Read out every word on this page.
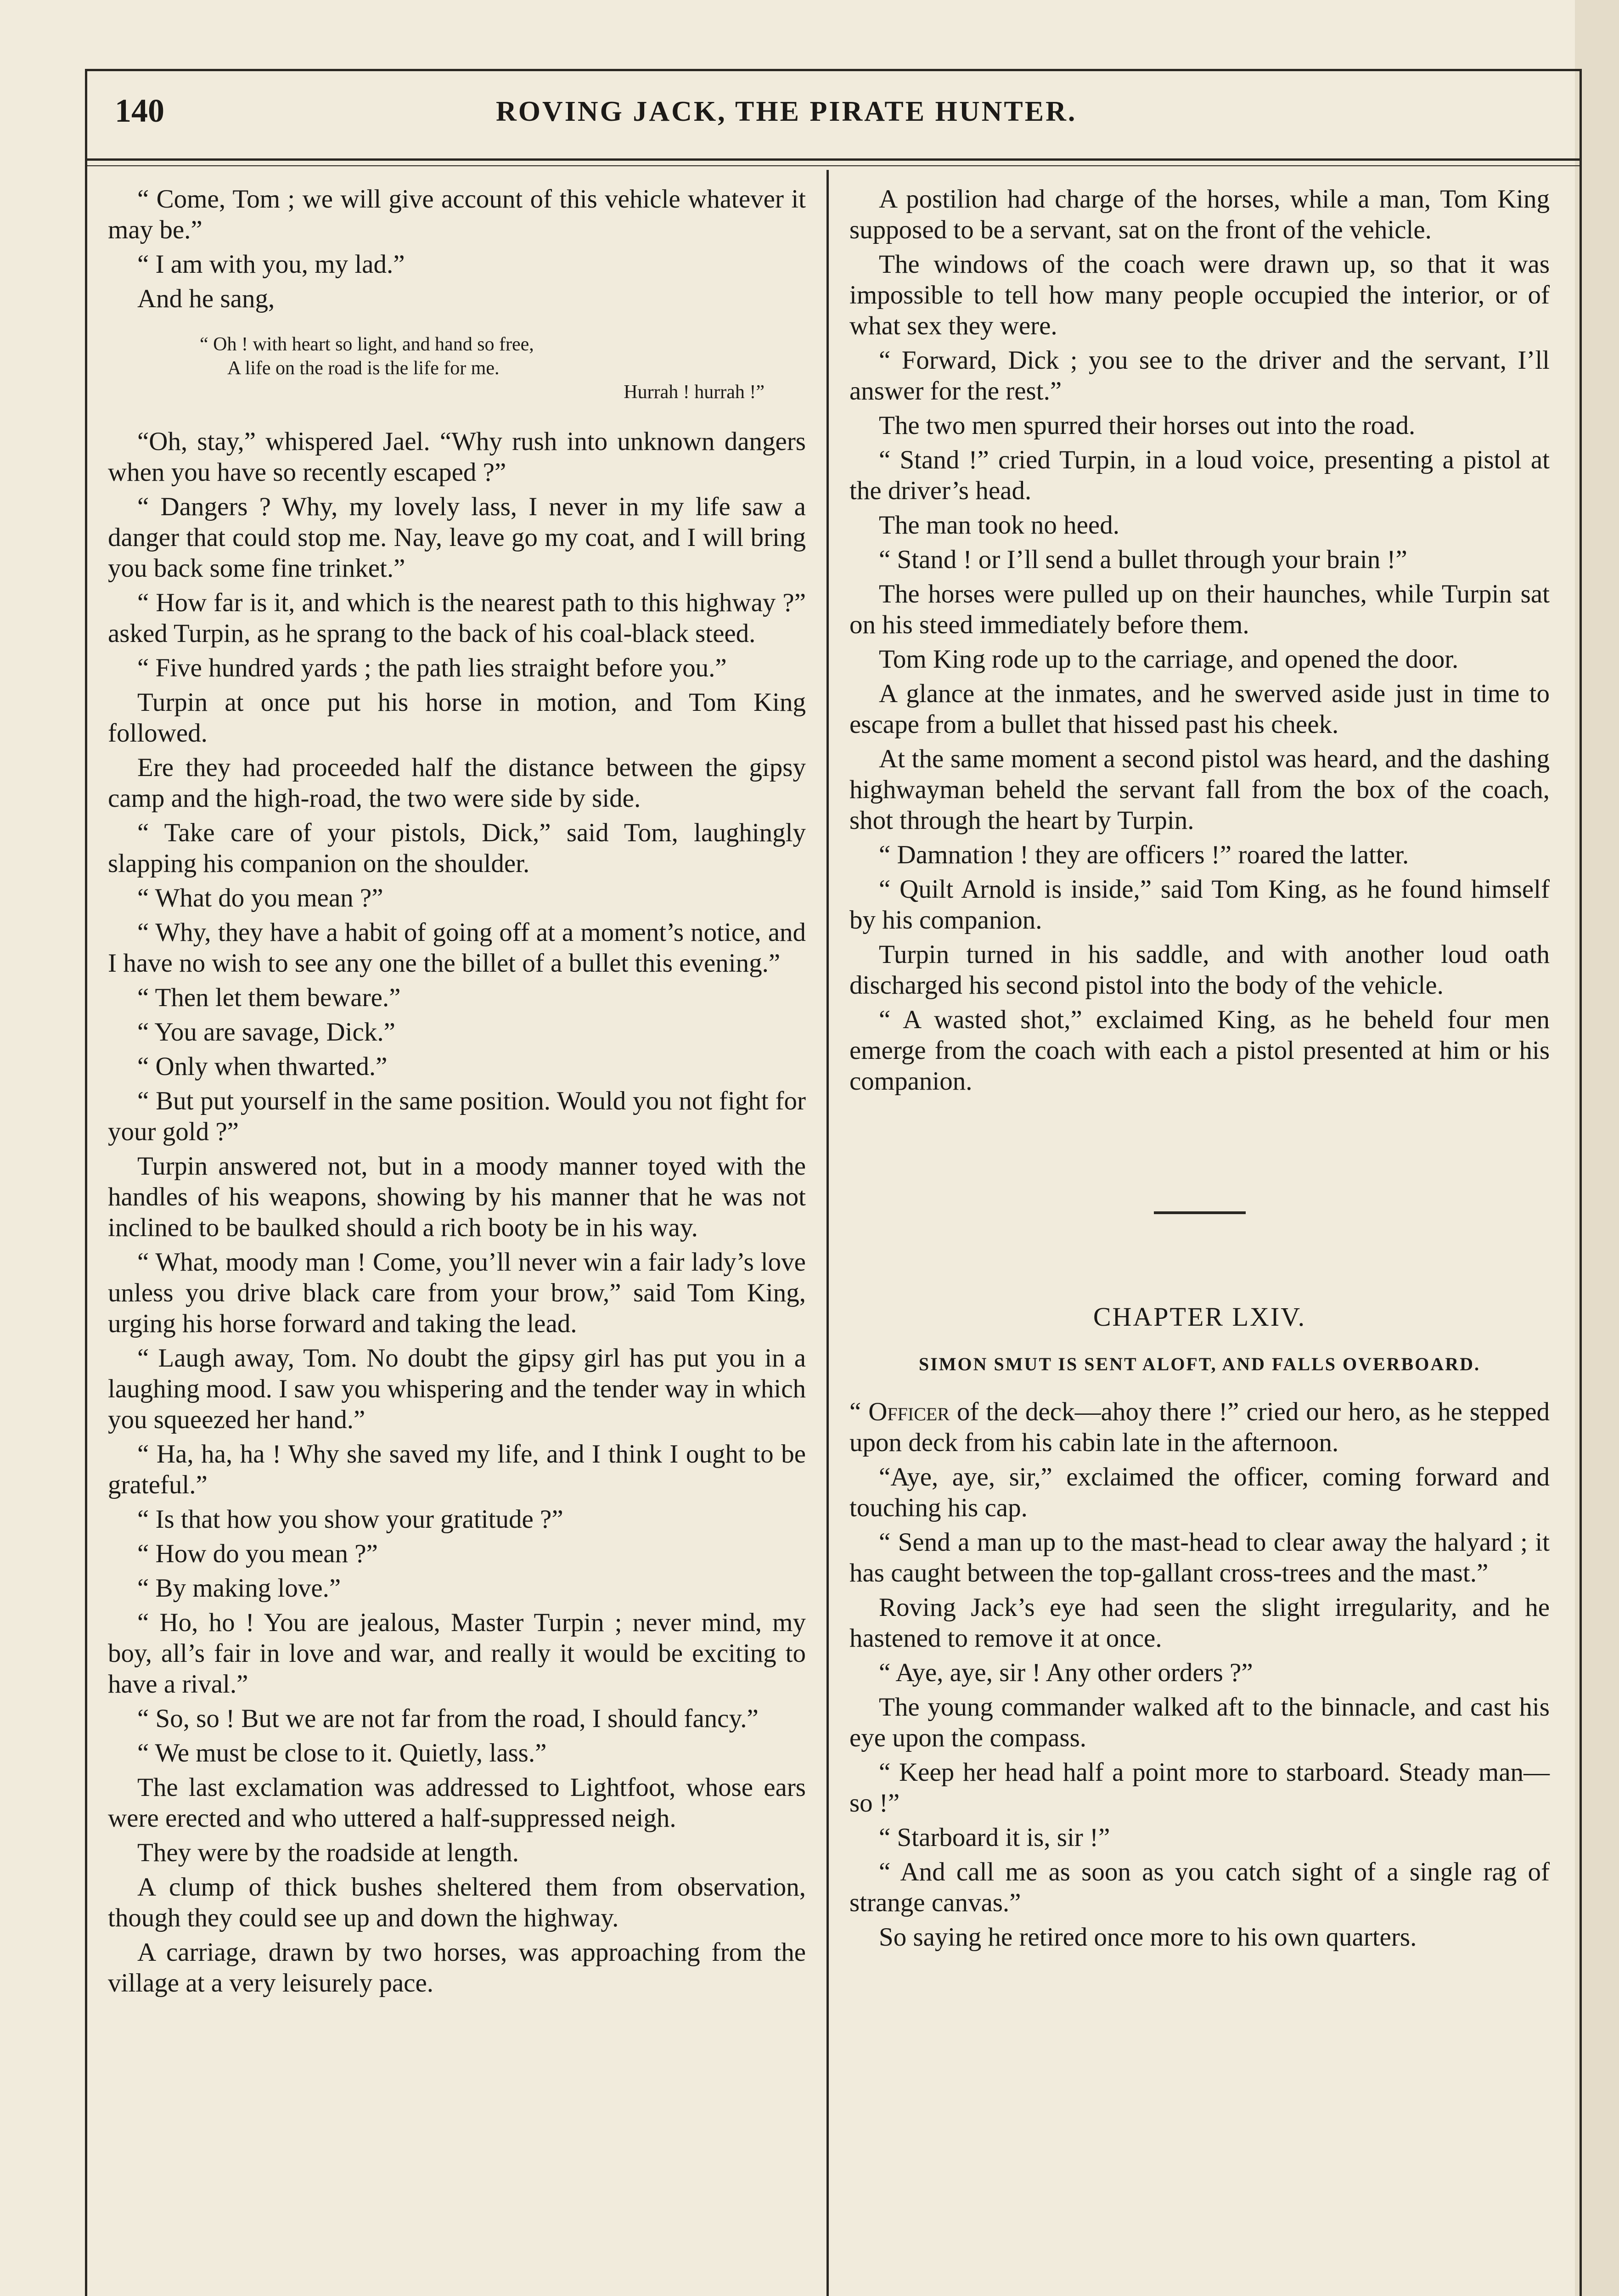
140	ROVING JACK, THE PIRATE HUNTER.

“ Come, Tom ; we will give account of this vehicle whatever it may be.”

“ I am with you, my lad.”

And he sang,

“ Oh ! with heart so light, and hand so free,
A life on the road is the life for me.
Hurrah ! hurrah !”

“Oh, stay,” whispered Jael. “Why rush into unknown dangers when you have so recently escaped ?”

“ Dangers ? Why, my lovely lass, I never in my life saw a danger that could stop me. Nay, leave go my coat, and I will bring you back some fine trinket.”

“ How far is it, and which is the nearest path to this highway ?” asked Turpin, as he sprang to the back of his coal-black steed.

“ Five hundred yards ; the path lies straight before you.”

Turpin at once put his horse in motion, and Tom King followed.

Ere they had proceeded half the distance between the gipsy camp and the high-road, the two were side by side.

“ Take care of your pistols, Dick,” said Tom, laughingly slapping his companion on the shoulder.

“ What do you mean ?”

“ Why, they have a habit of going off at a moment’s notice, and I have no wish to see any one the billet of a bullet this evening.”

“ Then let them beware.”

“ You are savage, Dick.”

“ Only when thwarted.”

“ But put yourself in the same position. Would you not fight for your gold ?”

Turpin answered not, but in a moody manner toyed with the handles of his weapons, showing by his manner that he was not inclined to be baulked should a rich booty be in his way.

“ What, moody man ! Come, you’ll never win a fair lady’s love unless you drive black care from your brow,” said Tom King, urging his horse forward and taking the lead.

“ Laugh away, Tom. No doubt the gipsy girl has put you in a laughing mood. I saw you whispering and the tender way in which you squeezed her hand.”

“ Ha, ha, ha ! Why she saved my life, and I think I ought to be grateful.”

“ Is that how you show your gratitude ?”

“ How do you mean ?”

“ By making love.”

“ Ho, ho ! You are jealous, Master Turpin ; never mind, my boy, all’s fair in love and war, and really it would be exciting to have a rival.”

“ So, so ! But we are not far from the road, I should fancy.”

“ We must be close to it. Quietly, lass.”

The last exclamation was addressed to Lightfoot, whose ears were erected and who uttered a half-suppressed neigh.

They were by the roadside at length.

A clump of thick bushes sheltered them from observation, though they could see up and down the highway.

A carriage, drawn by two horses, was approaching from the village at a very leisurely pace.

A postilion had charge of the horses, while a man, Tom King supposed to be a servant, sat on the front of the vehicle.

The windows of the coach were drawn up, so that it was impossible to tell how many people occupied the interior, or of what sex they were.

“ Forward, Dick ; you see to the driver and the servant, I’ll answer for the rest.”

The two men spurred their horses out into the road.

“ Stand !” cried Turpin, in a loud voice, presenting a pistol at the driver’s head.

The man took no heed.

“ Stand ! or I’ll send a bullet through your brain !”

The horses were pulled up on their haunches, while Turpin sat on his steed immediately before them.

Tom King rode up to the carriage, and opened the door.

A glance at the inmates, and he swerved aside just in time to escape from a bullet that hissed past his cheek.

At the same moment a second pistol was heard, and the dashing highwayman beheld the servant fall from the box of the coach, shot through the heart by Turpin.

“ Damnation ! they are officers !” roared the latter.

“ Quilt Arnold is inside,” said Tom King, as he found himself by his companion.

Turpin turned in his saddle, and with another loud oath discharged his second pistol into the body of the vehicle.

“ A wasted shot,” exclaimed King, as he beheld four men emerge from the coach with each a pistol presented at him or his companion.

CHAPTER LXIV.
SIMON SMUT IS SENT ALOFT, AND FALLS OVERBOARD.

“ Officer of the deck—ahoy there !” cried our hero, as he stepped upon deck from his cabin late in the afternoon.

“Aye, aye, sir,” exclaimed the officer, coming forward and touching his cap.

“ Send a man up to the mast-head to clear away the halyard ; it has caught between the top-gallant cross-trees and the mast.”

Roving Jack’s eye had seen the slight irregularity, and he hastened to remove it at once.

“ Aye, aye, sir ! Any other orders ?”

The young commander walked aft to the binnacle, and cast his eye upon the compass.

“ Keep her head half a point more to starboard. Steady man—so !”

“ Starboard it is, sir !”

“ And call me as soon as you catch sight of a single rag of strange canvas.”

So saying he retired once more to his own quarters.
